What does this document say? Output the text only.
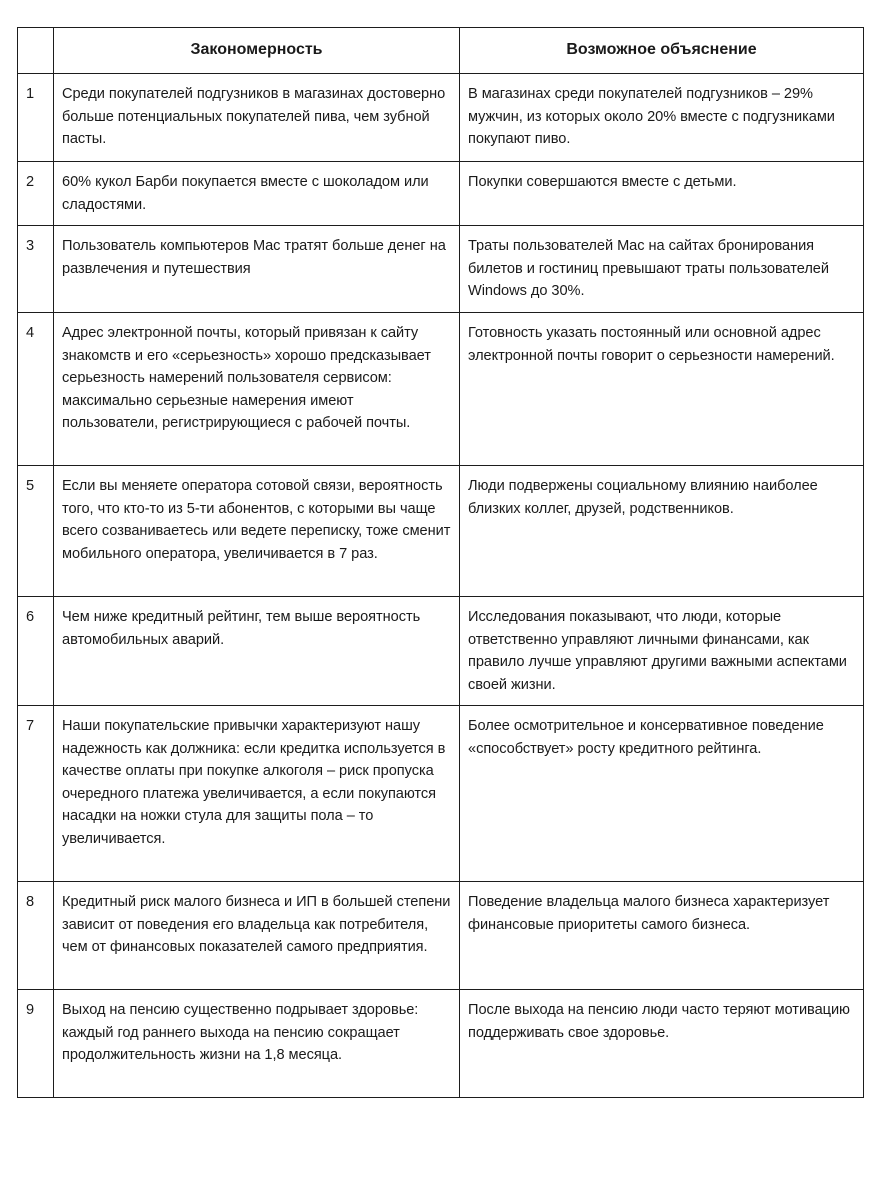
	Закономерность	Возможное объяснение
1	Среди покупателей подгузников в магазинах достоверно больше потенциальных покупателей пива, чем зубной пасты.	В магазинах среди покупателей подгузников – 29% мужчин, из которых около 20% вместе с подгузниками покупают пиво.
2	60% кукол Барби покупается вместе с шоколадом или сладостями.	Покупки совершаются вместе с детьми.
3	Пользователь компьютеров Mac тратят больше денег на развлечения и путешествия	Траты пользователей Mac на сайтах бронирования билетов и гостиниц превышают траты пользователей Windows до 30%.
4	Адрес электронной почты, который привязан к сайту знакомств и его «серьезность» хорошо предсказывает серьезность намерений пользователя сервисом: максимально серьезные намерения имеют пользователи, регистрирующиеся с рабочей почты.	Готовность указать постоянный или основной адрес электронной почты говорит о серьезности намерений.
5	Если вы меняете оператора сотовой связи, вероятность того, что кто-то из 5-ти абонентов, с которыми вы чаще всего созваниваетесь или ведете переписку, тоже сменит мобильного оператора, увеличивается в 7 раз.	Люди подвержены социальному влиянию наиболее близких коллег, друзей, родственников.
6	Чем ниже кредитный рейтинг, тем выше вероятность автомобильных аварий.	Исследования показывают, что люди, которые ответственно управляют личными финансами, как правило лучше управляют другими важными аспектами своей жизни.
7	Наши покупательские привычки характеризуют нашу надежность как должника: если кредитка используется в качестве оплаты при покупке алкоголя – риск пропуска очередного платежа увеличивается, а если покупаются насадки на ножки стула для защиты пола – то увеличивается.	Более осмотрительное и консервативное поведение «способствует» росту кредитного рейтинга.
8	Кредитный риск малого бизнеса и ИП в большей степени зависит от поведения его владельца как потребителя, чем от финансовых показателей самого предприятия.	Поведение владельца малого бизнеса характеризует финансовые приоритеты самого бизнеса.
9	Выход на пенсию существенно подрывает здоровье: каждый год раннего выхода на пенсию сокращает продолжительность жизни на 1,8 месяца.	После выхода на пенсию люди часто теряют мотивацию поддерживать свое здоровье.
